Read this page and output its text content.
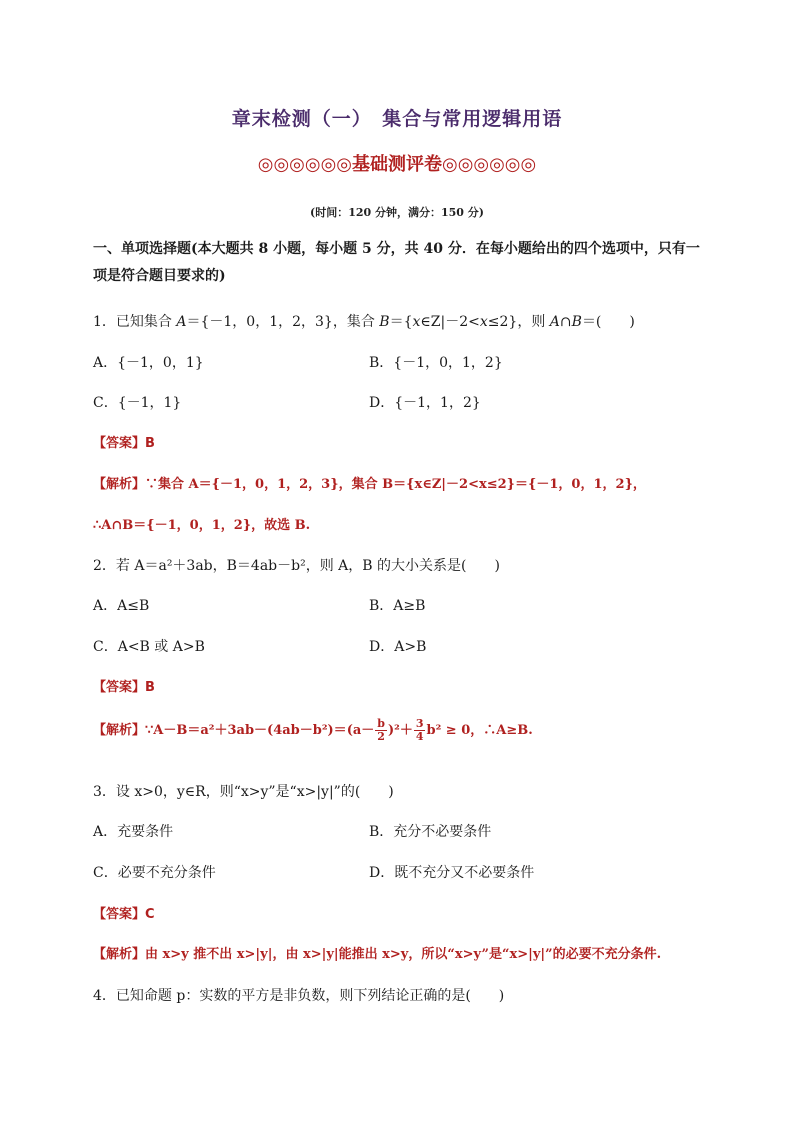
章末检测（一）　集合与常用逻辑用语
◎◎◎◎◎◎基础测评卷◎◎◎◎◎◎
(时间：120 分钟，满分：150 分)
一、单项选择题(本大题共 8 小题，每小题 5 分，共 40 分．在每小题给出的四个选项中，只有一项是符合题目要求的)
1．已知集合 A＝{－1，0，1，2，3}，集合 B＝{x∈Z|－2<x≤2}，则 A∩B＝(　　)
A．{－1，0，1}	B．{－1，0，1，2}
C．{－1，1}	D．{－1，1，2}
【答案】B
【解析】∵集合 A＝{－1，0，1，2，3}，集合 B＝{x∈Z|－2<x≤2}＝{－1，0，1，2}，
∴A∩B＝{－1，0，1，2}，故选 B.
2．若 A＝a²＋3ab，B＝4ab－b²，则 A，B 的大小关系是(　　)
A．A≤B	B．A≥B
C．A<B 或 A>B	D．A>B
【答案】B
【解析】∵A－B＝a²＋3ab－(4ab－b²)＝(a－ $\frac{b}{2} )^2+ \frac{3}{4} b^2 \ge 0$，∴A≥B.
3．设 x>0，y∈R，则“x>y”是“x>|y|”的(　　)
A．充要条件	B．充分不必要条件
C．必要不充分条件	D．既不充分又不必要条件
【答案】C
【解析】由 x>y 推不出 x>|y|，由 x>|y|能推出 x>y，所以“x>y”是“x>|y|”的必要不充分条件.
4．已知命题 p：实数的平方是非负数，则下列结论正确的是(　　)
